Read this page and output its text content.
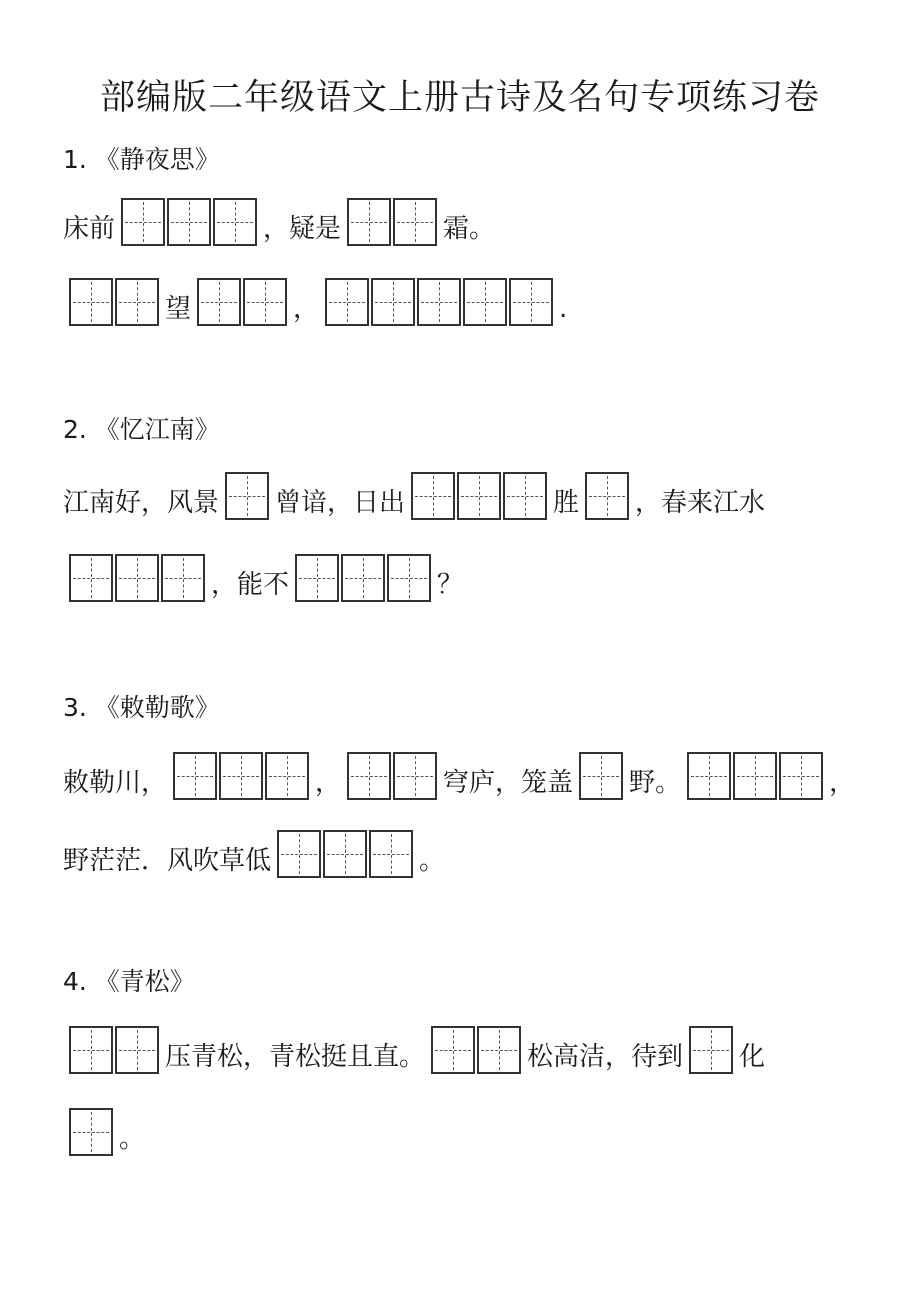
部编版二年级语文上册古诗及名句专项练习卷
1. 《静夜思》
床前	，疑是	霜。
望	，	.
2. 《忆江南》
江南好，风景 曾谙，日出	胜 ，春来江水
，能不	？
3. 《敕勒歌》
敕勒川，	，	穹庐，笼盖 野。	，
野茫茫．风吹草低	。
4. 《青松》
压青松，青松挺且直。	松高洁，待到 化
。
